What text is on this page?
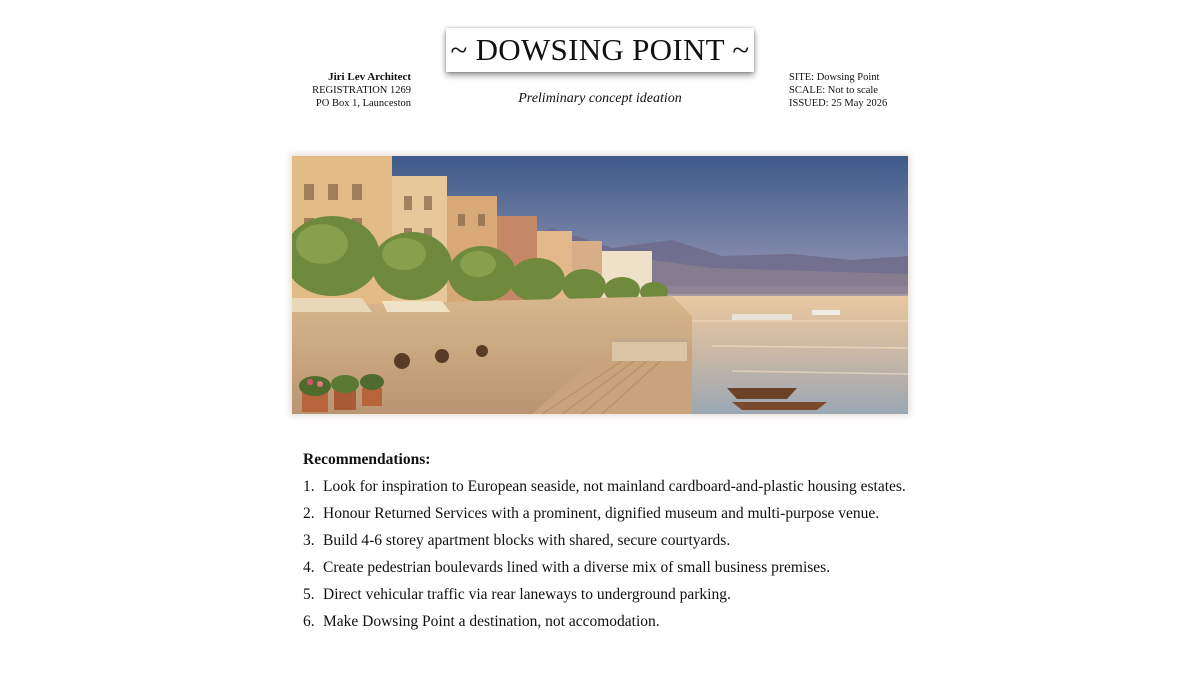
~ DOWSING POINT ~
Jiri Lev Architect
REGISTRATION 1269
PO Box 1, Launceston	Preliminary concept ideation
SITE: Dowsing Point
SCALE: Not to scale
ISSUED: 25 May 2026
Recommendations:
1. Look for inspiration to European seaside, not mainland cardboard-and-plastic housing estates.
2. Honour Returned Services with a prominent, dignified museum and multi-purpose venue.
3. Build 4-6 storey apartment blocks with shared, secure courtyards.
4. Create pedestrian boulevards lined with a diverse mix of small business premises.
5. Direct vehicular traffic via rear laneways to underground parking.
6. Make Dowsing Point a destination, not accomodation.
